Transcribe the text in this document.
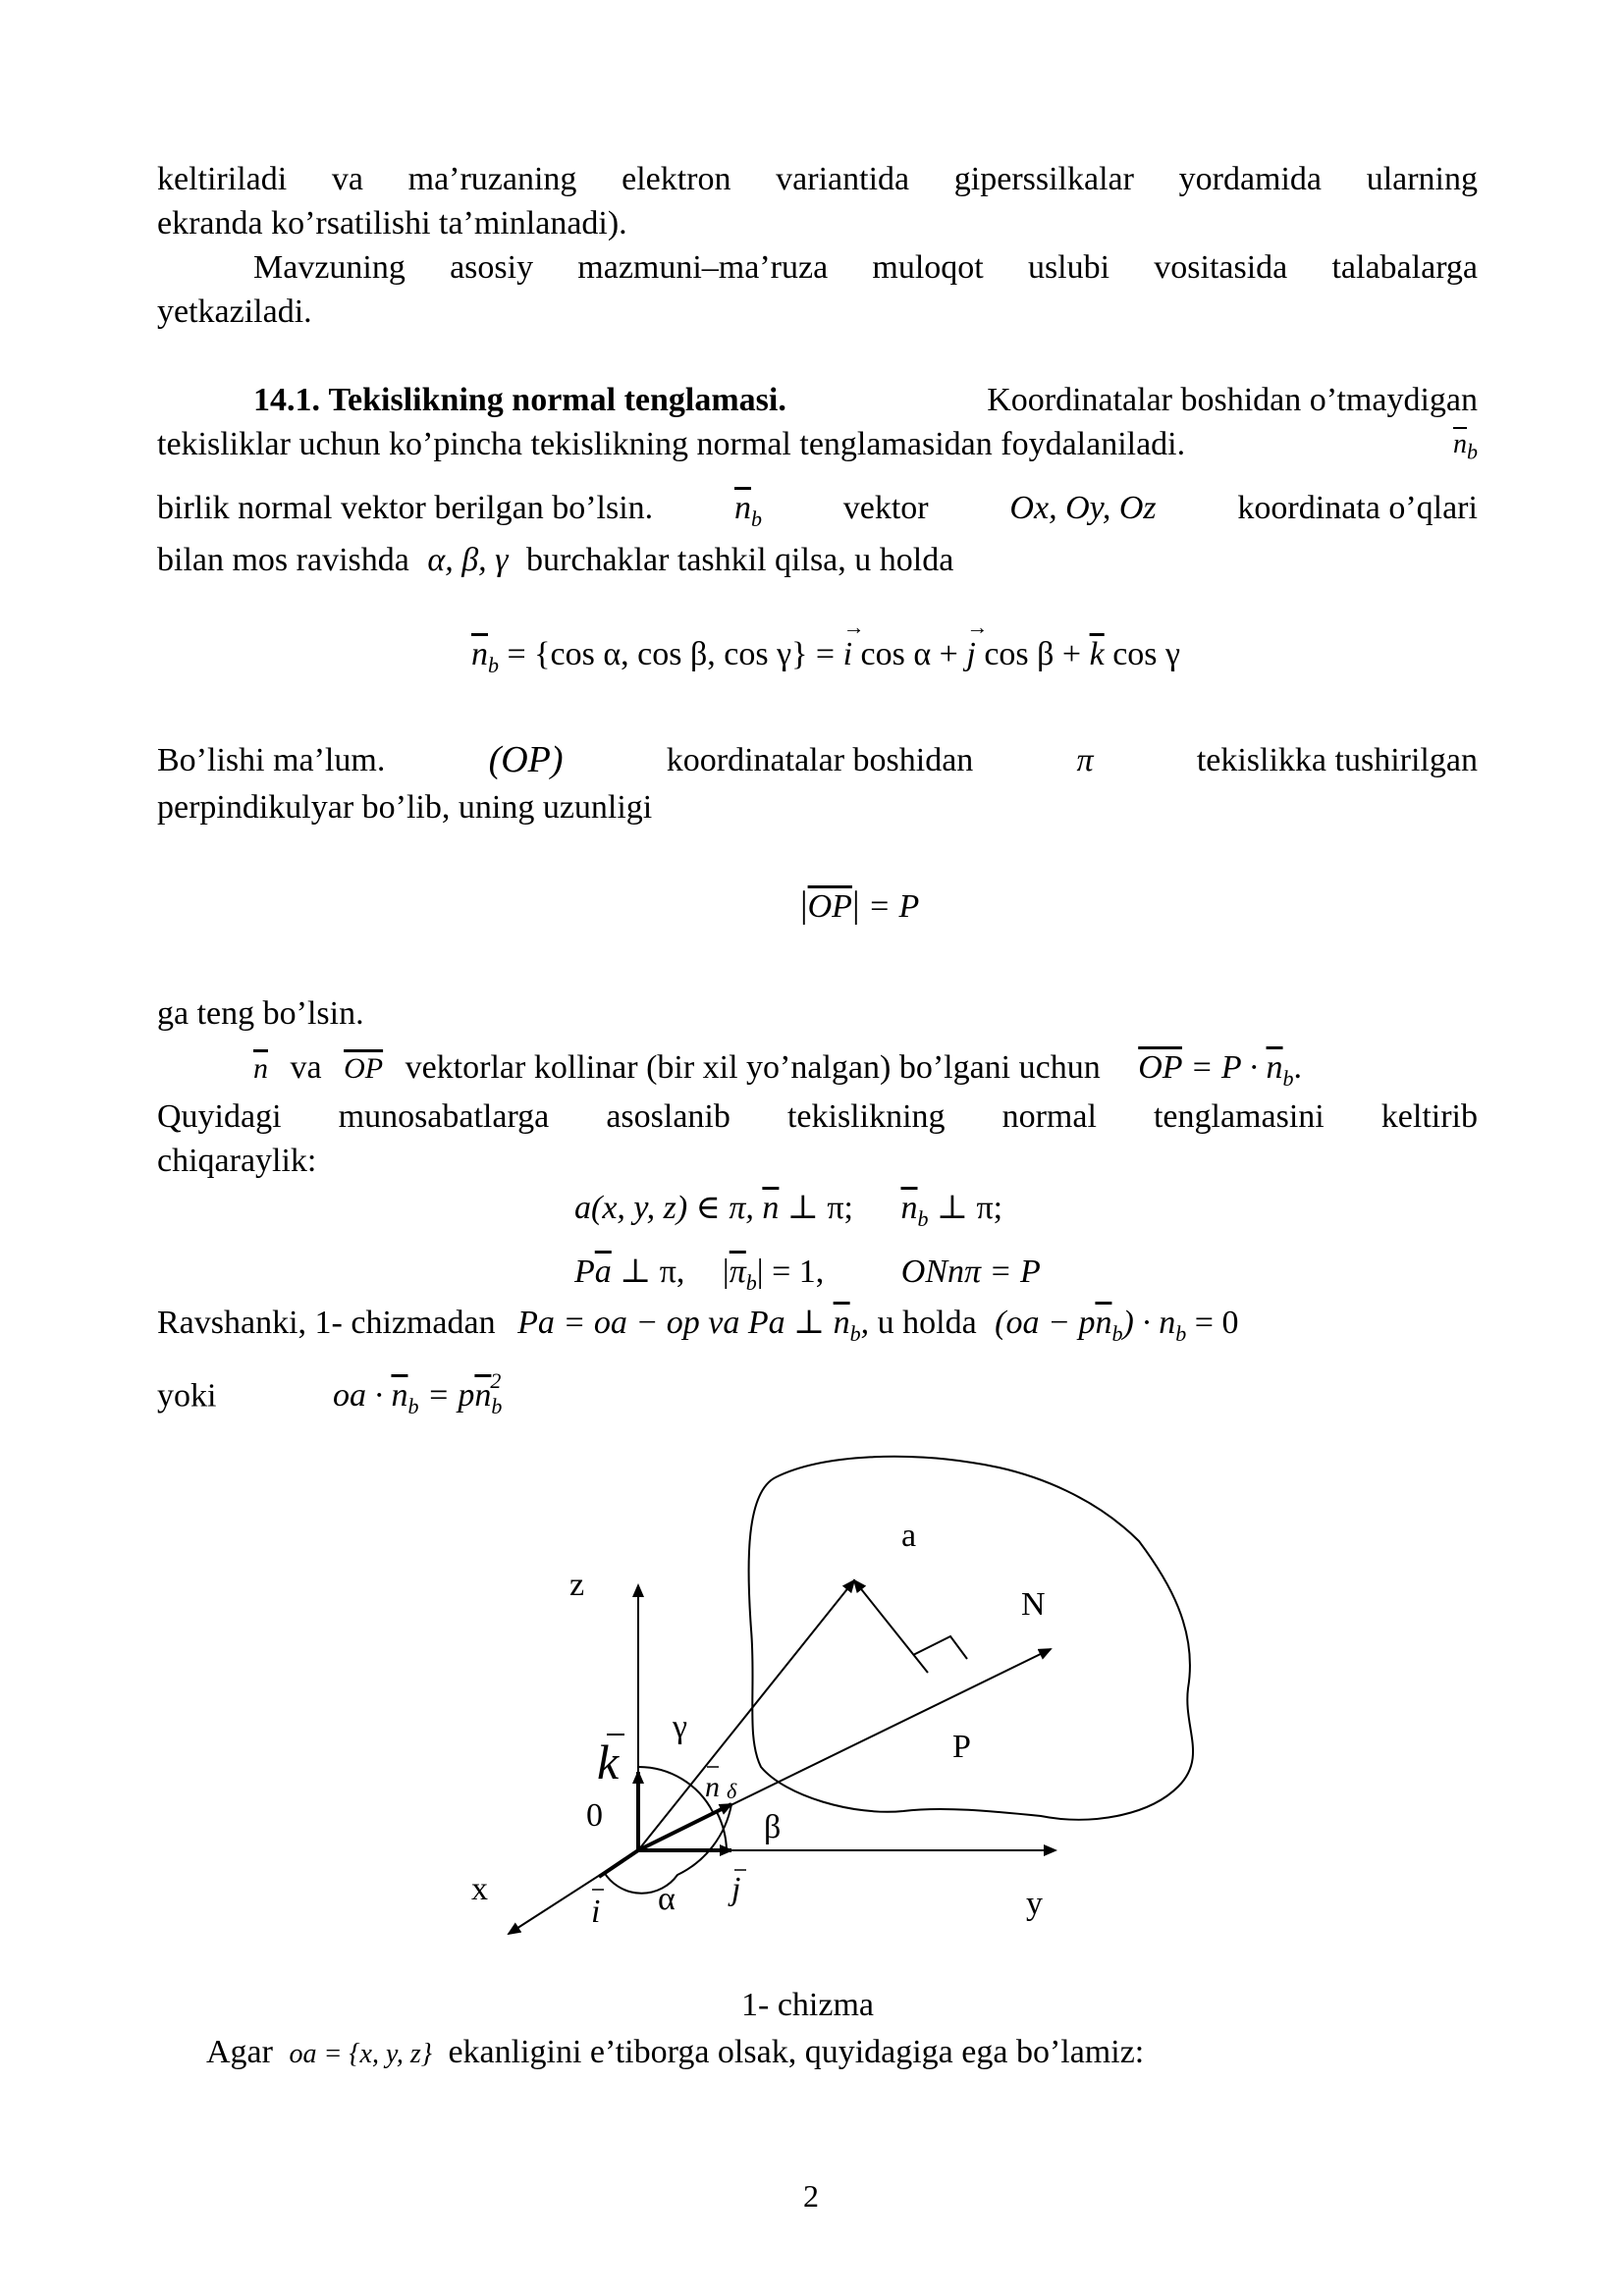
keltiriladi va ma’ruzaning elektron variantida giperssilkalar yordamida ularning
ekranda ko’rsatilishi ta’minlanadi).
Mavzuning asosiy mazmuni–ma’ruza muloqot uslubi vositasida talabalarga
yetkaziladi.
14.1. Tekislikning normal tenglamasi.	Koordinatalar boshidan o’tmaydigan
tekisliklar uchun ko’pincha tekislikning normal tenglamasidan foydalaniladi.	$\overline{n}_b$
birlik normal vektor berilgan bo’lsin. $\overline{n}_b$ vektor Ox, Oy, Oz koordinata o’qlari
bilan mos ravishda α, β, γ burchaklar tashkil qilsa, u holda
$\overline{n}_b = \{\cos$ α, cos β, cos γ} = i
→
cos α + j
→
$\cos \beta + \overline{k}$ cos γ
Bo’lishi ma’lum.	(OP)	koordinatalar boshidan	π	tekislikka tushirilgan
perpindikulyar bo’lib, uning uzunligi
$|\overline{OP}| = P$
ga teng bo’lsin.
$\overline{n}$ va $\overline{OP}$ vektorlar kollinar (bir xil yo’nalgan) bo’lgani uchun $\overline{OP} = P \cdot \overline{n}_b$.
Quyidagi munosabatlarga asoslanib tekislikning normal tenglamasini keltirib
chiqaraylik:
a(x, y, z) ∈ π, $\overline{n}$ ⊥ π; $\overline{n}_b$ ⊥ π;
$P\overline{a}$ ⊥ π, $|\overline{\pi}_b| = 1$, ONnπ = P
Ravshanki, 1- chizmadan Pa = oa − op va Pa ⊥ $\overline{n}_b$, u holda $(oa - p\overline{n}_b) \cdot n_b = 0$
yoki	oa · $\overline{n}_b = p\overline{n}_b^2$
z
x	y
a
N
P
γ
β
α
0
k
i
j
n δ
1- chizma
Agar oa = {x, y, z} ekanligini e’tiborga olsak, quyidagiga ega bo’lamiz:
2
